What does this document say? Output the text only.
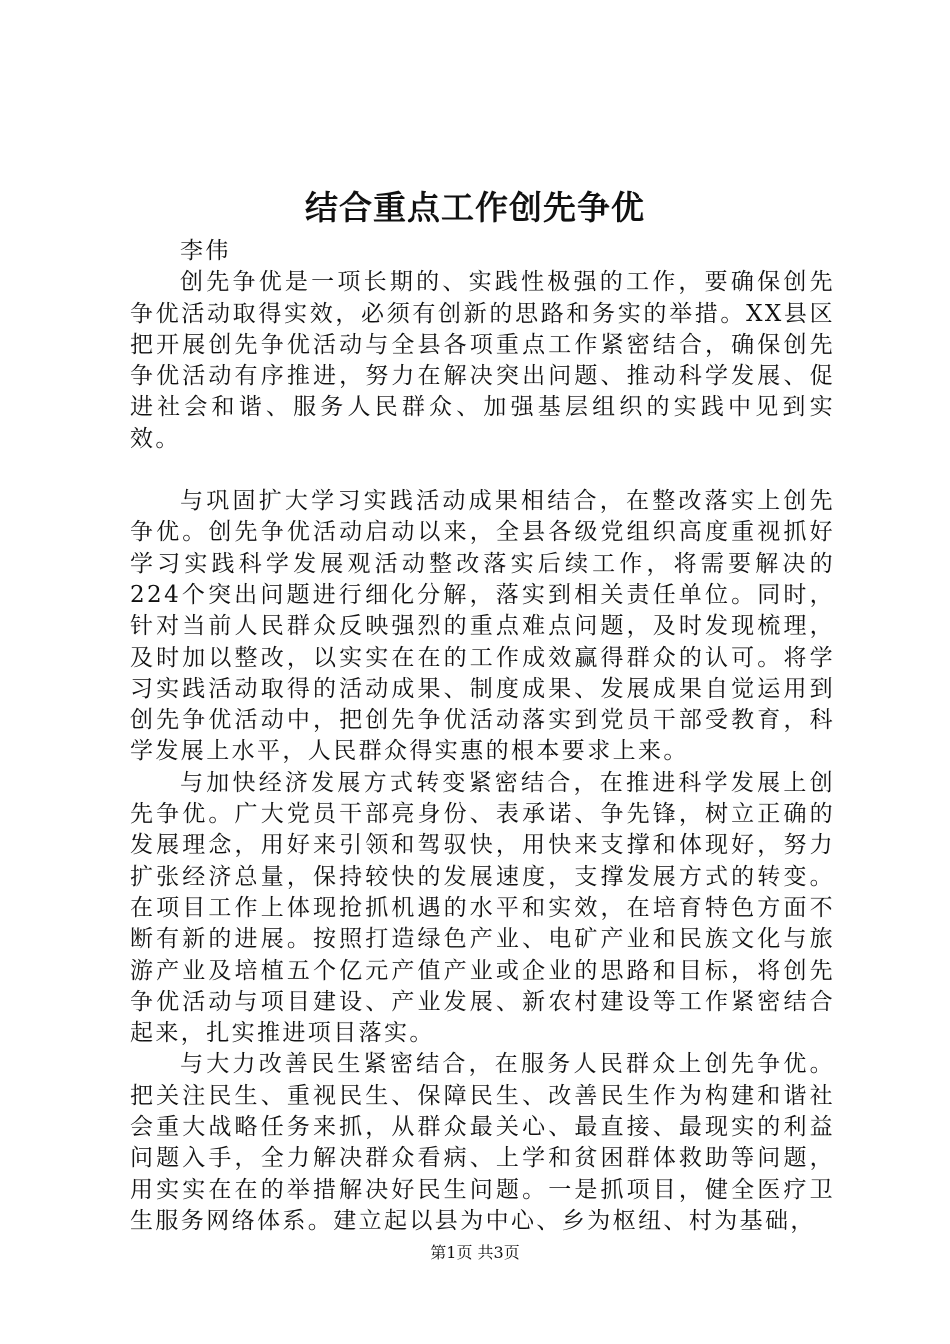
结合重点工作创先争优

李伟

创先争优是一项长期的、实践性极强的工作，要确保创先争优活动取得实效，必须有创新的思路和务实的举措。XX县区把开展创先争优活动与全县各项重点工作紧密结合，确保创先争优活动有序推进，努力在解决突出问题、推动科学发展、促进社会和谐、服务人民群众、加强基层组织的实践中见到实效。

与巩固扩大学习实践活动成果相结合，在整改落实上创先争优。创先争优活动启动以来，全县各级党组织高度重视抓好学习实践科学发展观活动整改落实后续工作，将需要解决的224个突出问题进行细化分解，落实到相关责任单位。同时，针对当前人民群众反映强烈的重点难点问题，及时发现梳理，及时加以整改，以实实在在的工作成效赢得群众的认可。将学习实践活动取得的活动成果、制度成果、发展成果自觉运用到创先争优活动中，把创先争优活动落实到党员干部受教育，科学发展上水平，人民群众得实惠的根本要求上来。

与加快经济发展方式转变紧密结合，在推进科学发展上创先争优。广大党员干部亮身份、表承诺、争先锋，树立正确的发展理念，用好来引领和驾驭快，用快来支撑和体现好，努力扩张经济总量，保持较快的发展速度，支撑发展方式的转变。在项目工作上体现抢抓机遇的水平和实效，在培育特色方面不断有新的进展。按照打造绿色产业、电矿产业和民族文化与旅游产业及培植五个亿元产值产业或企业的思路和目标，将创先争优活动与项目建设、产业发展、新农村建设等工作紧密结合起来，扎实推进项目落实。

与大力改善民生紧密结合，在服务人民群众上创先争优。把关注民生、重视民生、保障民生、改善民生作为构建和谐社会重大战略任务来抓，从群众最关心、最直接、最现实的利益问题入手，全力解决群众看病、上学和贫困群体救助等问题，用实实在在的举措解决好民生问题。一是抓项目，健全医疗卫生服务网络体系。建立起以县为中心、乡为枢纽、村为基础，

第1页 共3页
